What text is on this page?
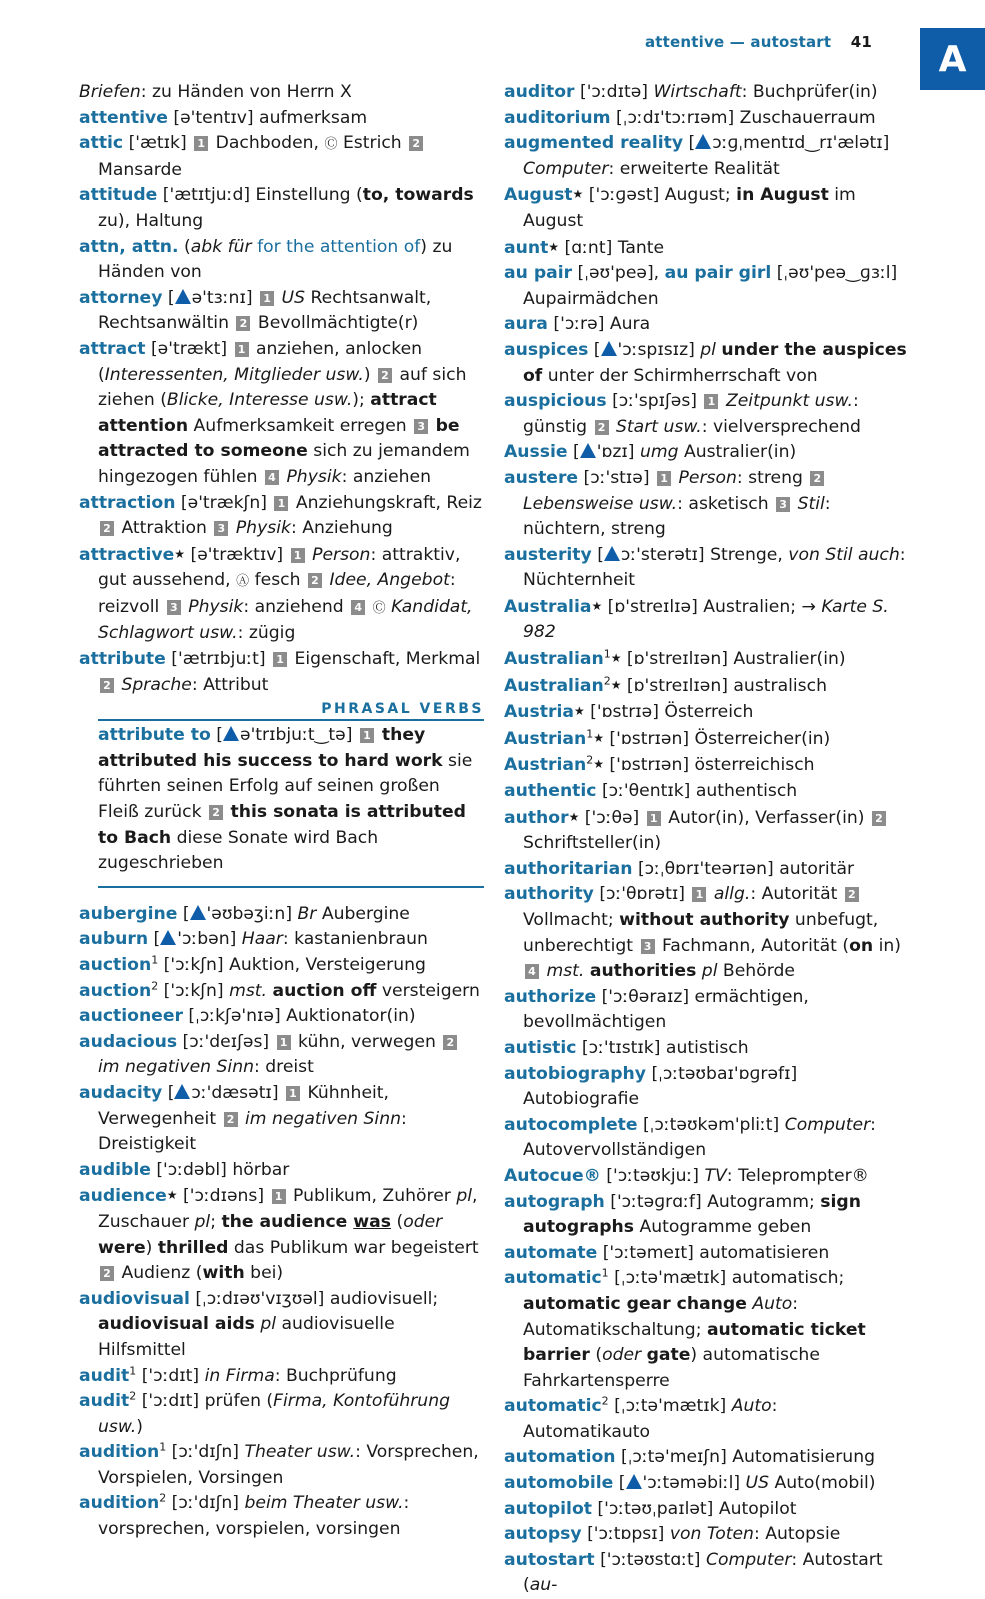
attentive — autostart 41	A
Briefen: zu Händen von Herrn X
attentive [ə'tentɪv] aufmerksam
attic ['ætɪk] 1 Dachboden, Ⓒ Estrich 2 Mansarde
attitude ['ætɪtjuːd] Einstellung (to, towards zu), Haltung
attn, attn. (abk für for the attention of) zu Händen von
attorney [ ə'tɜːnɪ] 1 US Rechtsanwalt, Rechtsanwältin 2 Bevollmächtigte(r)
attract [ə'trækt] 1 anziehen, anlocken (Interessenten, Mitglieder usw.) 2 auf sich ziehen (Blicke, Interesse usw.); attract attention Aufmerksamkeit erregen 3 be attracted to someone sich zu jemandem hingezogen fühlen 4 Physik: anziehen
attraction [ə'trækʃn] 1 Anziehungskraft, Reiz 2 Attraktion 3 Physik: Anziehung
attractive★ [ə'træktɪv] 1 Person: attraktiv, gut aussehend, Ⓐ fesch 2 Idee, Angebot: reizvoll 3 Physik: anziehend 4 Ⓒ Kandidat, Schlagwort usw.: zügig
attribute ['ætrɪbjuːt] 1 Eigenschaft, Merkmal 2 Sprache: Attribut
PHRASAL VERBS
attribute to [ ə'trɪbjuːt‿tə] 1 they attributed his success to hard work sie führten seinen Erfolg auf seinen großen Fleiß zurück 2 this sonata is attributed to Bach diese Sonate wird Bach zugeschrieben
aubergine [ 'əʊbəʒiːn] Br Aubergine
auburn [ 'ɔːbən] Haar: kastanienbraun
auction$^1$ ['ɔːkʃn] Auktion, Versteigerung
auction$^2$ ['ɔːkʃn] mst. auction off versteigern
auctioneer [ˌɔːkʃə'nɪə] Auktionator(in)
audacious [ɔː'deɪʃəs] 1 kühn, verwegen 2 im negativen Sinn: dreist
audacity [ ɔː'dæsətɪ] 1 Kühnheit, Verwegenheit 2 im negativen Sinn: Dreistigkeit
audible ['ɔːdəbl] hörbar
audience★ ['ɔːdɪəns] 1 Publikum, Zuhörer pl, Zuschauer pl; the audience was (oder were) thrilled das Publikum war begeistert 2 Audienz (with bei)
audiovisual [ˌɔːdɪəʊ'vɪʒʊəl] audiovisuell; audiovisual aids pl audiovisuelle Hilfsmittel
audit$^1$ ['ɔːdɪt] in Firma: Buchprüfung
audit$^2$ ['ɔːdɪt] prüfen (Firma, Kontoführung usw.)
audition$^1$ [ɔː'dɪʃn] Theater usw.: Vorsprechen, Vorspielen, Vorsingen
audition$^2$ [ɔː'dɪʃn] beim Theater usw.: vorsprechen, vorspielen, vorsingen
auditor ['ɔːdɪtə] Wirtschaft: Buchprüfer(in)
auditorium [ˌɔːdɪ'tɔːrɪəm] Zuschauerraum
augmented reality [ ɔːɡˌmentɪd‿rɪ'ælətɪ] Computer: erweiterte Realität
August★ ['ɔːɡəst] August; in August im August
aunt★ [ɑːnt] Tante
au pair [ˌəʊ'peə], au pair girl [ˌəʊ'peə‿ɡɜːl] Aupairmädchen
aura ['ɔːrə] Aura
auspices [ 'ɔːspɪsɪz] pl under the auspices of unter der Schirmherrschaft von
auspicious [ɔː'spɪʃəs] 1 Zeitpunkt usw.: günstig 2 Start usw.: vielversprechend
Aussie [ 'ɒzɪ] umg Australier(in)
austere [ɔː'stɪə] 1 Person: streng 2 Lebensweise usw.: asketisch 3 Stil: nüchtern, streng
austerity [ ɔː'sterətɪ] Strenge, von Stil auch: Nüchternheit
Australia★ [ɒ'streɪlɪə] Australien; → Karte S. 982
Australian$^1$★ [ɒ'streɪlɪən] Australier(in)
Australian$^2$★ [ɒ'streɪlɪən] australisch
Austria★ ['ɒstrɪə] Österreich
Austrian$^1$★ ['ɒstrɪən] Österreicher(in)
Austrian$^2$★ ['ɒstrɪən] österreichisch
authentic [ɔː'θentɪk] authentisch
author★ ['ɔːθə] 1 Autor(in), Verfasser(in) 2 Schriftsteller(in)
authoritarian [ɔːˌθɒrɪ'teərɪən] autoritär
authority [ɔː'θɒrətɪ] 1 allg.: Autorität 2 Vollmacht; without authority unbefugt, unberechtigt 3 Fachmann, Autorität (on in) 4 mst. authorities pl Behörde
authorize ['ɔːθəraɪz] ermächtigen, bevollmächtigen
autistic [ɔː'tɪstɪk] autistisch
autobiography [ˌɔːtəʊbaɪ'ɒɡrəfɪ] Autobiografie
autocomplete [ˌɔːtəʊkəm'pliːt] Computer: Autovervollständigen
Autocue® ['ɔːtəʊkjuː] TV: Teleprompter®
autograph ['ɔːtəɡrɑːf] Autogramm; sign autographs Autogramme geben
automate ['ɔːtəmeɪt] automatisieren
automatic$^1$ [ˌɔːtə'mætɪk] automatisch; automatic gear change Auto: Automatikschaltung; automatic ticket barrier (oder gate) automatische Fahrkartensperre
automatic$^2$ [ˌɔːtə'mætɪk] Auto: Automatikauto
automation [ˌɔːtə'meɪʃn] Automatisierung
automobile [ 'ɔːtəməbiːl] US Auto(mobil)
autopilot ['ɔːtəʊˌpaɪlət] Autopilot
autopsy ['ɔːtɒpsɪ] von Toten: Autopsie
autostart ['ɔːtəʊstɑːt] Computer: Autostart (au-
